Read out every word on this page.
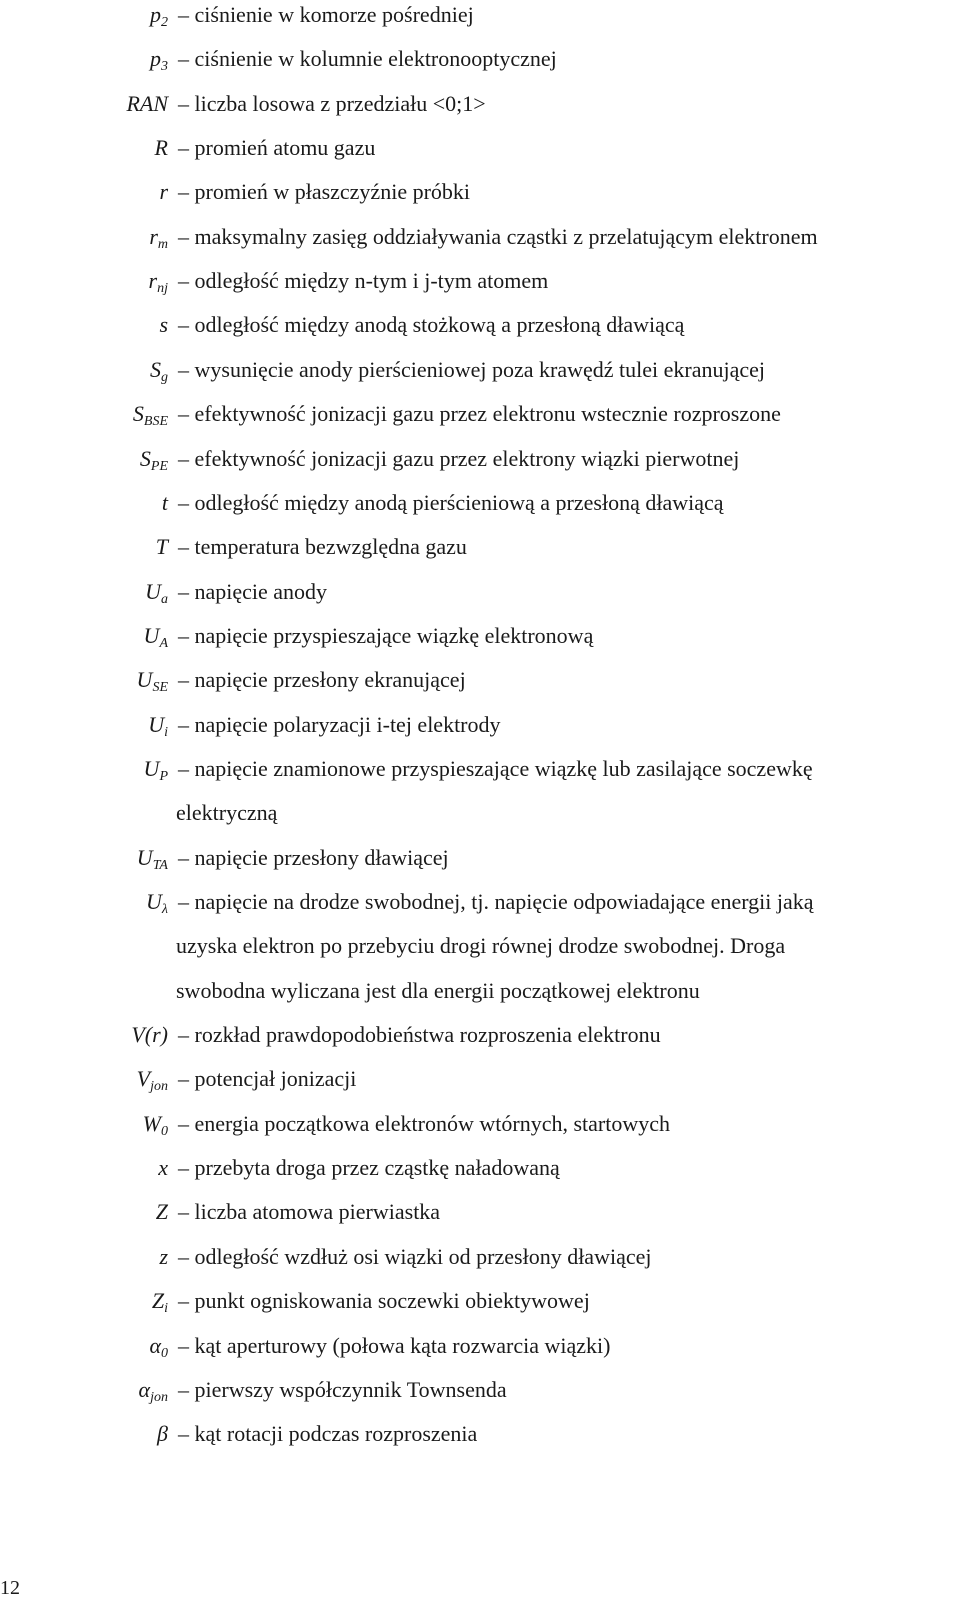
$p_2$ – ciśnienie w komorze pośredniej
$p_3$ – ciśnienie w kolumnie elektronooptycznej
RAN – liczba losowa z przedziału <0;1>
R – promień atomu gazu
r – promień w płaszczyźnie próbki
$r_m$ – maksymalny zasięg oddziaływania cząstki z przelatującym elektronem
$r_{nj}$ – odległość między n-tym i j-tym atomem
s – odległość między anodą stożkową a przesłoną dławiącą
$S_g$ – wysunięcie anody pierścieniowej poza krawędź tulei ekranującej
$S_{BSE}$ – efektywność jonizacji gazu przez elektronu wstecznie rozproszone
$S_{PE}$ – efektywność jonizacji gazu przez elektrony wiązki pierwotnej
t – odległość między anodą pierścieniową a przesłoną dławiącą
T – temperatura bezwzględna gazu
$U_a$ – napięcie anody
$U_A$ – napięcie przyspieszające wiązkę elektronową
$U_{SE}$ – napięcie przesłony ekranującej
$U_i$ – napięcie polaryzacji i-tej elektrody
$U_P$ – napięcie znamionowe przyspieszające wiązkę lub zasilające soczewkę
elektryczną
$U_{TA}$ – napięcie przesłony dławiącej
$U_\lambda$ – napięcie na drodze swobodnej, tj. napięcie odpowiadające energii jaką
uzyska elektron po przebyciu drogi równej drodze swobodnej. Droga
swobodna wyliczana jest dla energii początkowej elektronu
V(r) – rozkład prawdopodobieństwa rozproszenia elektronu
$V_{jon}$ – potencjał jonizacji
$W_0$ – energia początkowa elektronów wtórnych, startowych
x – przebyta droga przez cząstkę naładowaną
Z – liczba atomowa pierwiastka
z – odległość wzdłuż osi wiązki od przesłony dławiącej
$Z_i$ – punkt ogniskowania soczewki obiektywowej
$\alpha_0$ – kąt aperturowy (połowa kąta rozwarcia wiązki)
$\alpha_{jon}$ – pierwszy współczynnik Townsenda
β – kąt rotacji podczas rozproszenia
12
